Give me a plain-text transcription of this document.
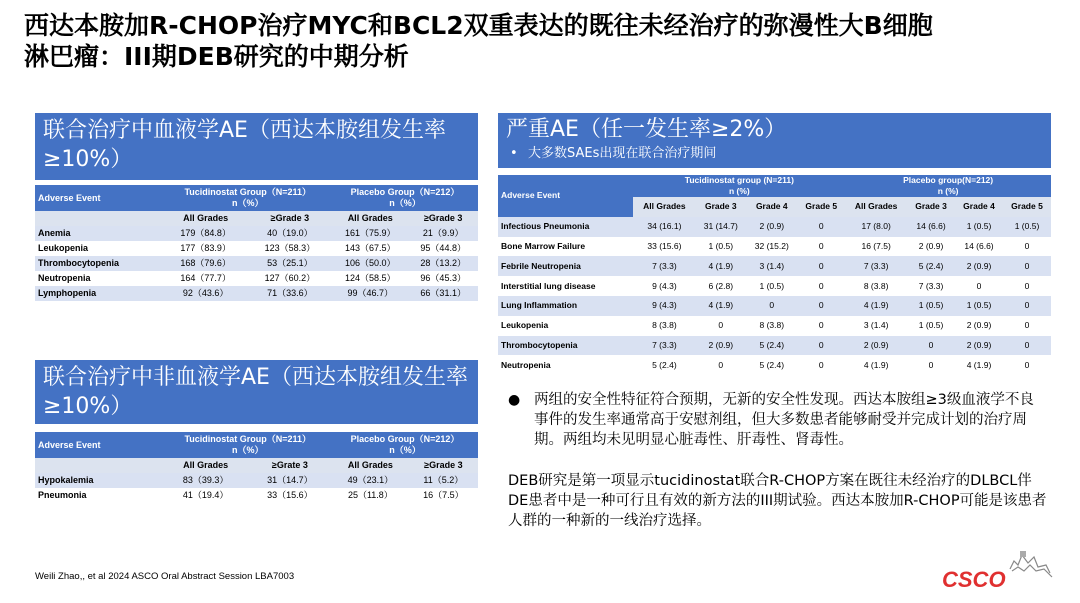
西达本胺加R-CHOP治疗MYC和BCL2双重表达的既往未经治疗的弥漫性大B细胞
淋巴瘤：III期DEB研究的中期分析
联合治疗中血液学AE（西达本胺组发生率≥10%）
Adverse Event	Tucidinostat Group（N=211）
n（%）		Placebo Group（N=212）
n（%）	
	All Grades	≥Grade 3	All Grades	≥Grade 3
Anemia	179（84.8）	40（19.0）	161（75.9）	21（9.9）
Leukopenia	177（83.9）	123（58.3）	143（67.5）	95（44.8）
Thrombocytopenia	168（79.6）	53（25.1）	106（50.0）	28（13.2）
Neutropenia	164（77.7）	127（60.2）	124（58.5）	96（45.3）
Lymphopenia	92（43.6）	71（33.6）	99（46.7）	66（31.1）
联合治疗中非血液学AE（西达本胺组发生率≥10%）
Adverse Event	Tucidinostat Group（N=211）
n（%）		Placebo Group（N=212）
n（%）	
	All Grades	≥Grate 3	All Grades	≥Grade 3
Hypokalemia	83（39.3）	31（14.7）	49（23.1）	11（5.2）
Pneumonia	41（19.4）	33（15.6）	25（11.8）	16（7.5）
严重AE（任一发生率≥2%）
• 大多数SAEs出现在联合治疗期间
Adverse Event	Tucidinostat group (N=211)
n (%)				Placebo group(N=212)
n (%)			
	All Grades	Grade 3	Grade 4	Grade 5	All Grades	Grade 3	Grade 4	Grade 5
Infectious Pneumonia	34 (16.1)	31 (14.7)	2 (0.9)	0	17 (8.0)	14 (6.6)	1 (0.5)	1 (0.5)
Bone Marrow Failure	33 (15.6)	1 (0.5)	32 (15.2)	0	16 (7.5)	2 (0.9)	14 (6.6)	0
Febrile Neutropenia	7 (3.3)	4 (1.9)	3 (1.4)	0	7 (3.3)	5 (2.4)	2 (0.9)	0
Interstitial lung disease	9 (4.3)	6 (2.8)	1 (0.5)	0	8 (3.8)	7 (3.3)	0	0
Lung Inflammation	9 (4.3)	4 (1.9)	0	0	4 (1.9)	1 (0.5)	1 (0.5)	0
Leukopenia	8 (3.8)	0	8 (3.8)	0	3 (1.4)	1 (0.5)	2 (0.9)	0
Thrombocytopenia	7 (3.3)	2 (0.9)	5 (2.4)	0	2 (0.9)	0	2 (0.9)	0
Neutropenia	5 (2.4)	0	5 (2.4)	0	4 (1.9)	0	4 (1.9)	0
● 两组的安全性特征符合预期，无新的安全性发现。西达本胺组≥3级血液学不良事件的发生率通常高于安慰剂组，但大多数患者能够耐受并完成计划的治疗周期。两组均未见明显心脏毒性、肝毒性、肾毒性。
DEB研究是第一项显示tucidinostat联合R-CHOP方案在既往未经治疗的DLBCL伴DE患者中是一种可行且有效的新方法的III期试验。西达本胺加R-CHOP可能是该患者人群的一种新的一线治疗选择。
Weili Zhao,, et al 2024 ASCO Oral Abstract Session LBA7003	CSCO
